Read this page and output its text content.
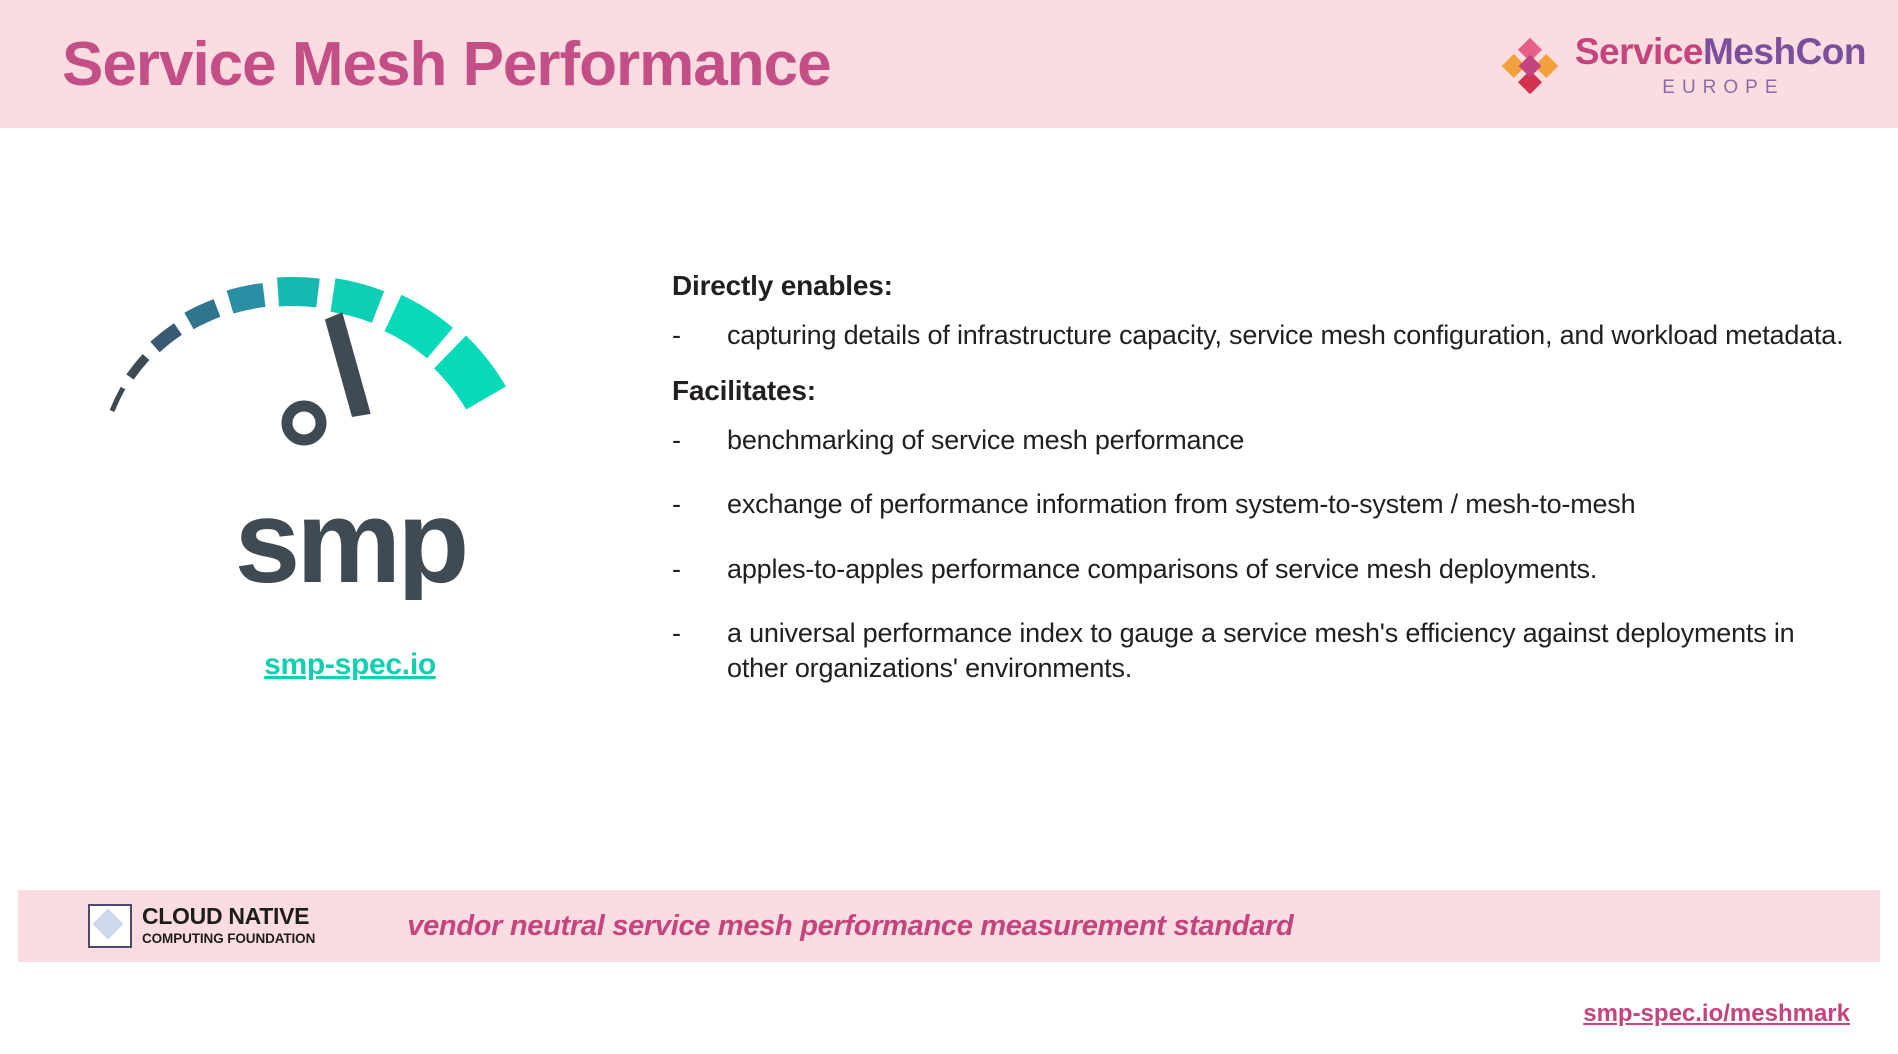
Service Mesh Performance	ServiceMeshCon
EUROPE
smp
smp-spec.io
Directly enables:
-	capturing details of infrastructure capacity, service mesh configuration, and workload metadata.
Facilitates:
-	benchmarking of service mesh performance
-	exchange of performance information from system-to-system / mesh-to-mesh
-	apples-to-apples performance comparisons of service mesh deployments.
-	a universal performance index to gauge a service mesh's efficiency against deployments in other organizations' environments.
CLOUD NATIVE
COMPUTING FOUNDATION	vendor neutral service mesh performance measurement standard
smp-spec.io/meshmark
